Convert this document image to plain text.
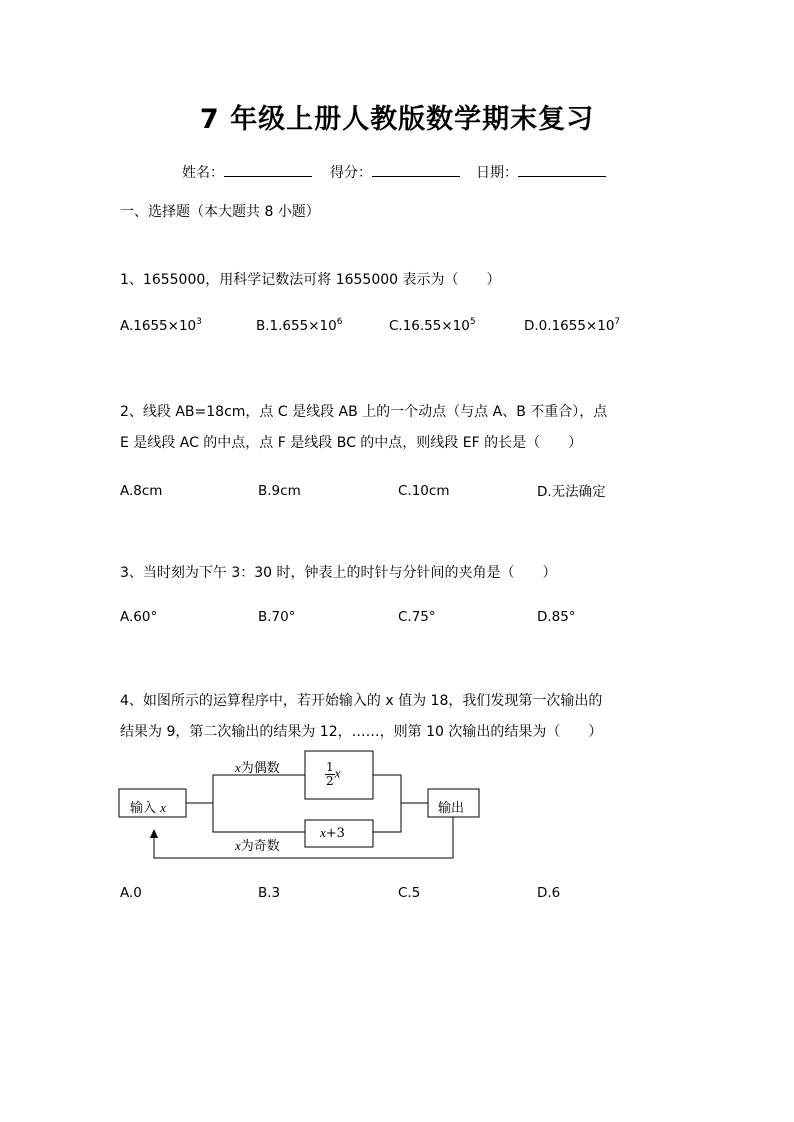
7 年级上册人教版数学期末复习
姓名：	得分：	日期：
一、选择题（本大题共 8 小题）
1、1655000，用科学记数法可将 1655000 表示为（　　）
$A.1655\times 10^3$	$B.1.655\times 10^6$	$C.16.55\times 10^5$	$D.0.1655\times 10^7$
2、线段 AB=18cm，点 C 是线段 AB 上的一个动点（与点 A、B 不重合），点
E 是线段 AC 的中点，点 F 是线段 BC 的中点，则线段 EF 的长是（　　）
A.8cm	B.9cm	C.10cm	D.无法确定
3、当时刻为下午 3：30 时，钟表上的时针与分针间的夹角是（　　）
A.60°	B.70°	C.75°	D.85°
4、如图所示的运算程序中，若开始输入的 x 值为 18，我们发现第一次输出的
结果为 9，第二次输出的结果为 12，……，则第 10 次输出的结果为（　　）
输入 x
x为偶数
x为奇数
$\frac{1}{2}$ x
x+3
输出
A.0	B.3	C.5	D.6
